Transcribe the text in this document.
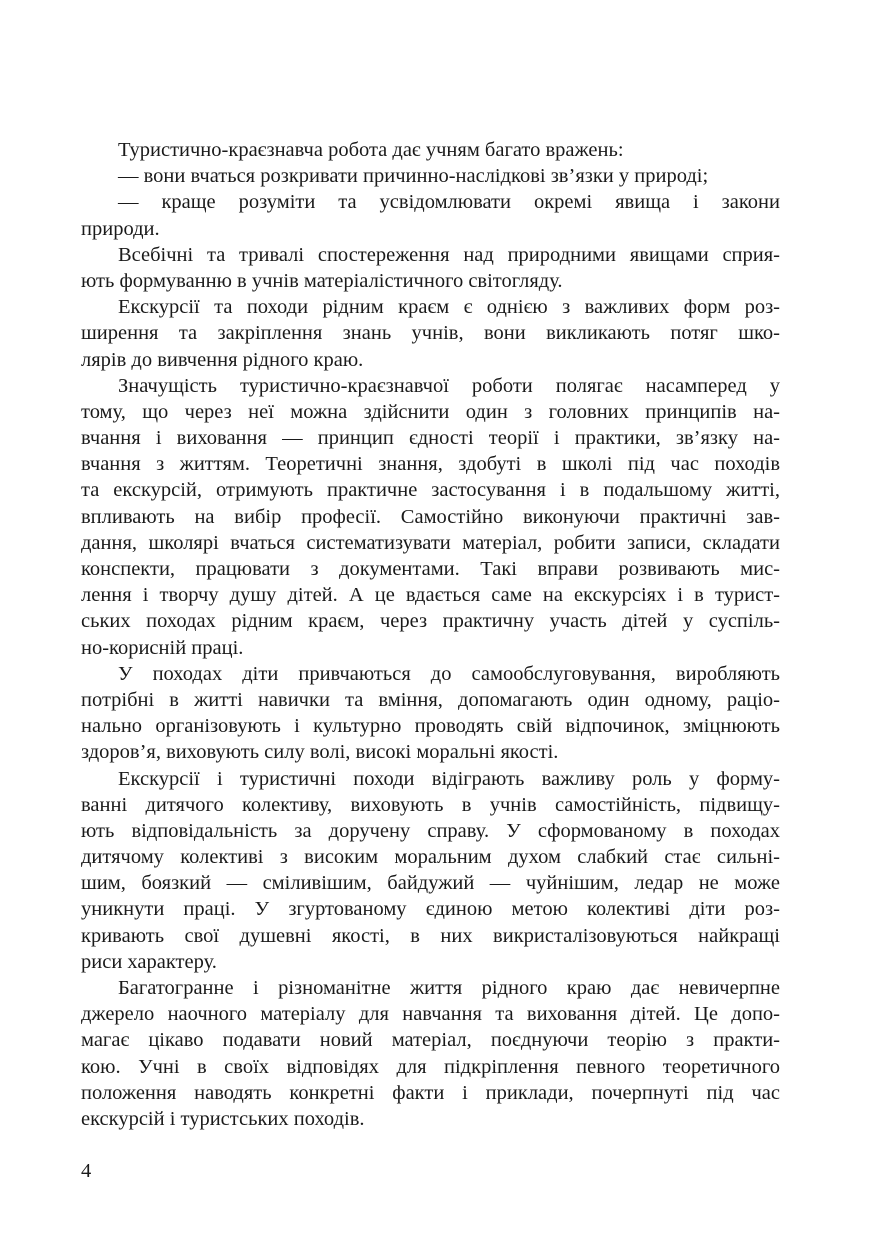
Туристично-краєзнавча робота дає учням багато вражень:
— вони вчаться розкривати причинно-наслідкові зв’язки у природі;
— краще розуміти та усвідомлювати окремі явища і закони
природи.
Всебічні та тривалі спостереження над природними явищами сприя-
ють формуванню в учнів матеріалістичного світогляду.
Екскурсії та походи рідним краєм є однією з важливих форм роз-
ширення та закріплення знань учнів, вони викликають потяг шко-
лярів до вивчення рідного краю.
Значущість туристично-краєзнавчої роботи полягає насамперед у
тому, що через неї можна здійснити один з головних принципів на-
вчання і виховання — принцип єдності теорії і практики, зв’язку на-
вчання з життям. Теоретичні знання, здобуті в школі під час походів
та екскурсій, отримують практичне застосування і в подальшому житті,
впливають на вибір професії. Самостійно виконуючи практичні зав-
дання, школярі вчаться систематизувати матеріал, робити записи, складати
конспекти, працювати з документами. Такі вправи розвивають мис-
лення і творчу душу дітей. А це вдається саме на екскурсіях і в турист-
ських походах рідним краєм, через практичну участь дітей у суспіль-
но-корисній праці.
У походах діти привчаються до самообслуговування, виробляють
потрібні в житті навички та вміння, допомагають один одному, раціо-
нально організовують і культурно проводять свій відпочинок, зміцнюють
здоров’я, виховують силу волі, високі моральні якості.
Екскурсії і туристичні походи відіграють важливу роль у форму-
ванні дитячого колективу, виховують в учнів самостійність, підвищу-
ють відповідальність за доручену справу. У сформованому в походах
дитячому колективі з високим моральним духом слабкий стає сильні-
шим, боязкий — сміливішим, байдужий — чуйнішим, ледар не може
уникнути праці. У згуртованому єдиною метою колективі діти роз-
кривають свої душевні якості, в них викристалізовуються найкращі
риси характеру.
Багатогранне і різноманітне життя рідного краю дає невичерпне
джерело наочного матеріалу для навчання та виховання дітей. Це допо-
магає цікаво подавати новий матеріал, поєднуючи теорію з практи-
кою. Учні в своїх відповідях для підкріплення певного теоретичного
положення наводять конкретні факти і приклади, почерпнуті під час
екскурсій і туристських походів.
4
